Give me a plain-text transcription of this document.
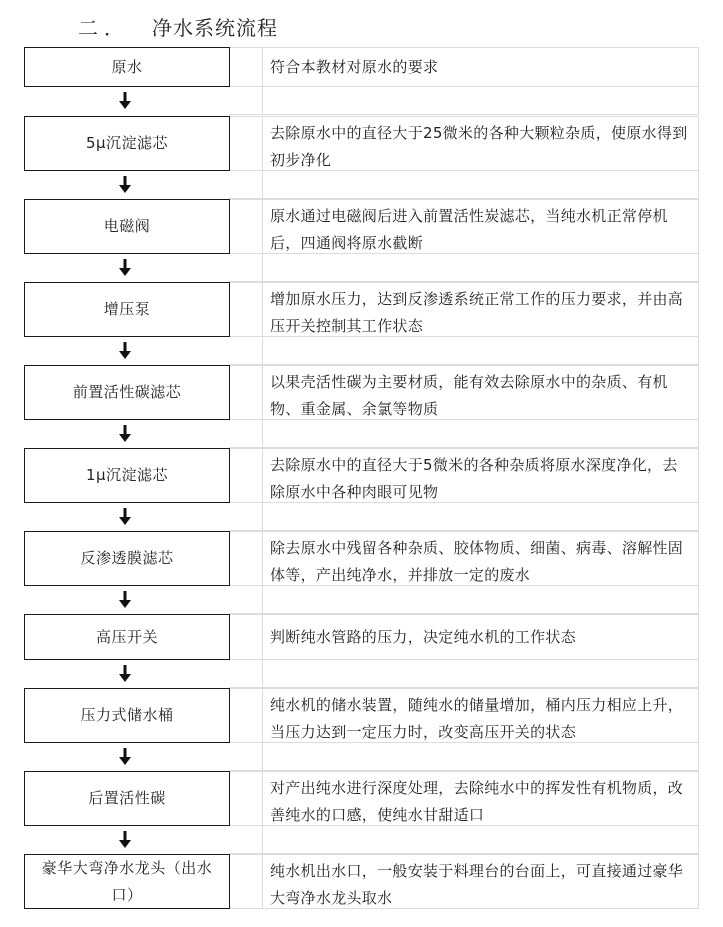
二． 净水系统流程
符合本教材对原水的要求
原水
去除原水中的直径大于25微米的各种大颗粒杂质，使原水得到初步净化
5μ沉淀滤芯
原水通过电磁阀后进入前置活性炭滤芯，当纯水机正常停机后，四通阀将原水截断
电磁阀
增加原水压力，达到反渗透系统正常工作的压力要求，并由高压开关控制其工作状态
增压泵
以果壳活性碳为主要材质，能有效去除原水中的杂质、有机物、重金属、余氯等物质
前置活性碳滤芯
去除原水中的直径大于5微米的各种杂质将原水深度净化，去除原水中各种肉眼可见物
1μ沉淀滤芯
除去原水中残留各种杂质、胶体物质、细菌、病毒、溶解性固体等，产出纯净水，并排放一定的废水
反渗透膜滤芯
判断纯水管路的压力，决定纯水机的工作状态
高压开关
纯水机的储水装置，随纯水的储量增加，桶内压力相应上升，当压力达到一定压力时，改变高压开关的状态
压力式储水桶
对产出纯水进行深度处理，去除纯水中的挥发性有机物质，改善纯水的口感，使纯水甘甜适口
后置活性碳
纯水机出水口，一般安装于料理台的台面上，可直接通过豪华大弯净水龙头取水
豪华大弯净水龙头（出水口）
